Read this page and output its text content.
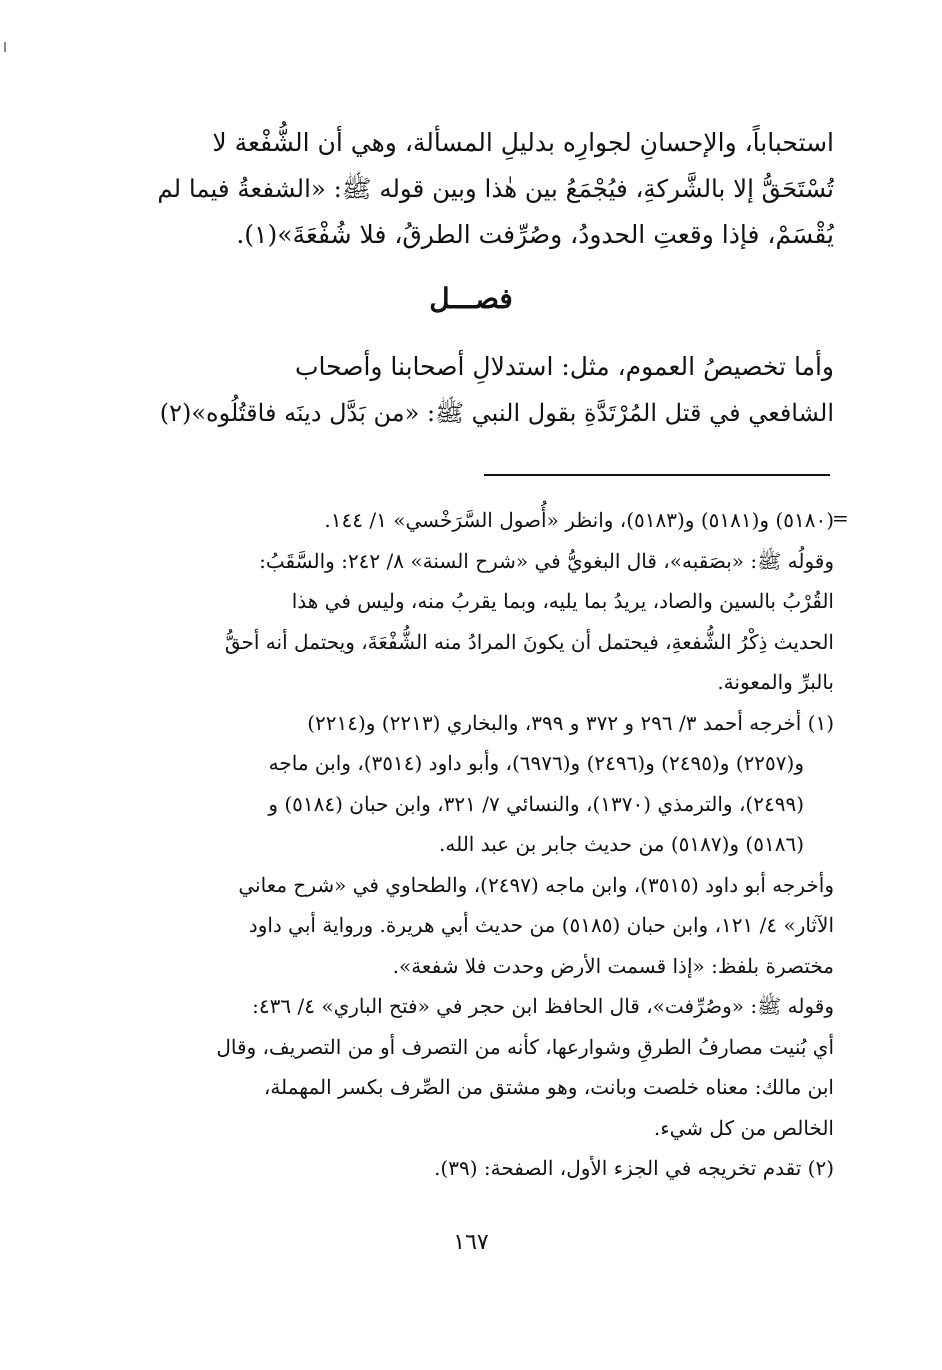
استحباباً، والإحسانِ لجوارِه بدليلِ المسألة، وهي أن الشُّفْعة لا
تُسْتَحَقُّ إلا بالشَّركةِ، فيُجْمَعُ بين هٰذا وبين قوله ﷺ: «الشفعةُ فيما لم
يُقْسَمْ، فإذا وقعتِ الحدودُ، وصُرِّفت الطرقُ، فلا شُفْعَةَ»(١).
فصـــل
وأما تخصيصُ العموم، مثل: استدلالِ أصحابنا وأصحاب
الشافعي في قتل المُرْتَدَّةِ بقول النبي ﷺ: «من بَدَّل دينَه فاقتُلُوه»(٢)
=
(٥١٨٠) و(٥١٨١) و(٥١٨٣)، وانظر «أُصول السَّرَخْسي» ١/ ١٤٤.
وقولُه ﷺ: «بصَقبه»، قال البغويُّ في «شرح السنة» ٨/ ٢٤٢: والسَّقَبُ:
القُرْبُ بالسين والصاد، يريدُ بما يليه، وبما يقربُ منه، وليس في هذا
الحديث ذِكْرُ الشُّفعةِ، فيحتمل أن يكونَ المرادُ منه الشُّفْعَةَ، ويحتمل أنه أحقُّ
بالبرِّ والمعونة.
(١) أخرجه أحمد ٣/ ٢٩٦ و ٣٧٢ و ٣٩٩، والبخاري (٢٢١٣) و(٢٢١٤)
و(٢٢٥٧) و(٢٤٩٥) و(٢٤٩٦) و(٦٩٧٦)، وأبو داود (٣٥١٤)، وابن ماجه
(٢٤٩٩)، والترمذي (١٣٧٠)، والنسائي ٧/ ٣٢١، وابن حبان (٥١٨٤) و
(٥١٨٦) و(٥١٨٧) من حديث جابر بن عبد الله.
وأخرجه أبو داود (٣٥١٥)، وابن ماجه (٢٤٩٧)، والطحاوي في «شرح معاني
الآثار» ٤/ ١٢١، وابن حبان (٥١٨٥) من حديث أبي هريرة. ورواية أبي داود
مختصرة بلفظ: «إذا قسمت الأرض وحدت فلا شفعة».
وقوله ﷺ: «وصُرِّفت»، قال الحافظ ابن حجر في «فتح الباري» ٤/ ٤٣٦:
أي بُنيت مصارفُ الطرقِ وشوارعها، كأنه من التصرف أو من التصريف، وقال
ابن مالك: معناه خلصت وبانت، وهو مشتق من الصِّرف بكسر المهملة،
الخالص من كل شيء.
(٢) تقدم تخريجه في الجزء الأول، الصفحة: (٣٩).
١٦٧
